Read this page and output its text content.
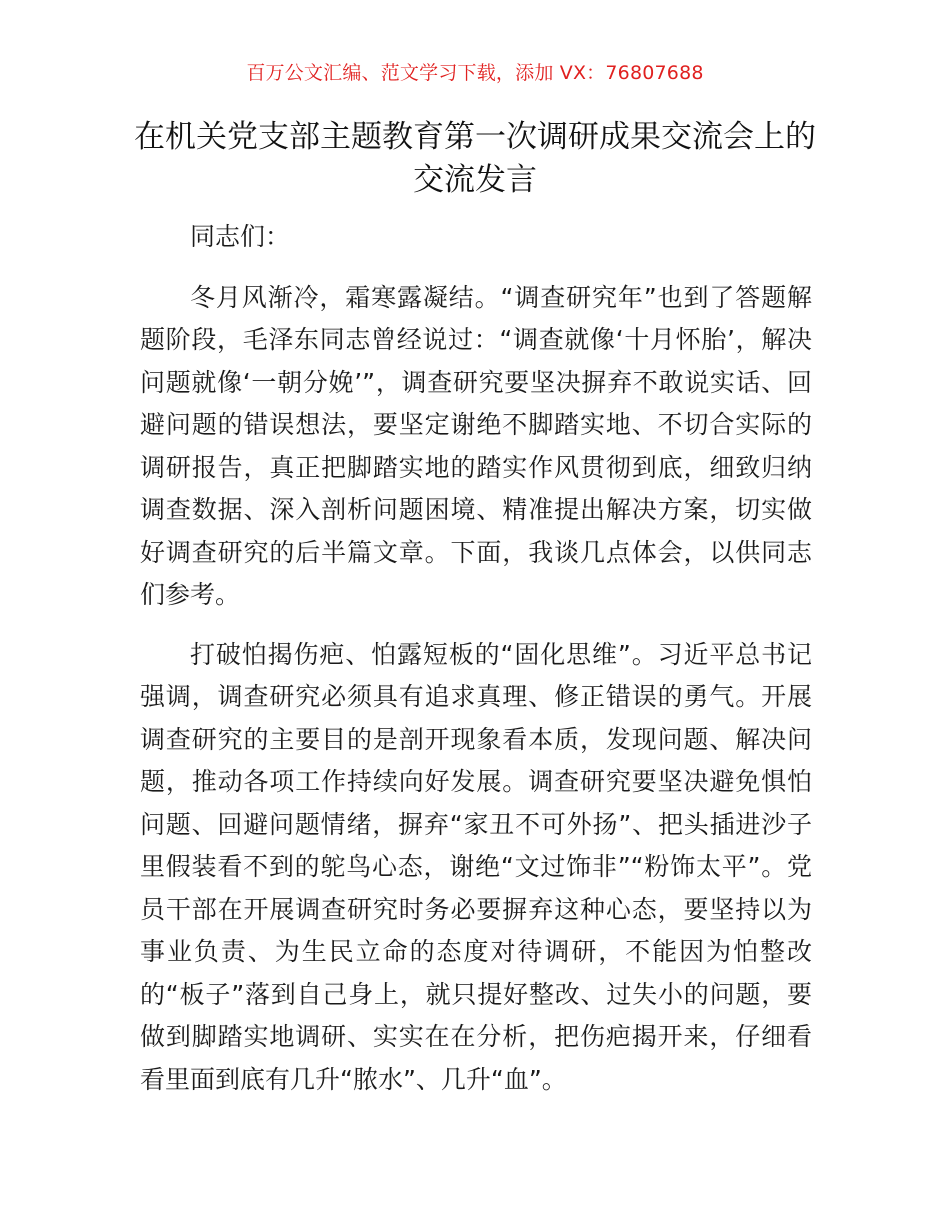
百万公文汇编、范文学习下载，添加 VX：76807688
在机关党支部主题教育第一次调研成果交流会上的交流发言

同志们：

冬月风渐冷，霜寒露凝结。“调查研究年”也到了答题解题阶段，毛泽东同志曾经说过：“调查就像‘十月怀胎’，解决问题就像‘一朝分娩’”，调查研究要坚决摒弃不敢说实话、回避问题的错误想法，要坚定谢绝不脚踏实地、不切合实际的调研报告，真正把脚踏实地的踏实作风贯彻到底，细致归纳调查数据、深入剖析问题困境、精准提出解决方案，切实做好调查研究的后半篇文章。下面，我谈几点体会，以供同志们参考。

打破怕揭伤疤、怕露短板的“固化思维”。习近平总书记强调，调查研究必须具有追求真理、修正错误的勇气。开展调查研究的主要目的是剖开现象看本质，发现问题、解决问题，推动各项工作持续向好发展。调查研究要坚决避免惧怕问题、回避问题情绪，摒弃“家丑不可外扬”、把头插进沙子里假装看不到的鸵鸟心态，谢绝“文过饰非”“粉饰太平”。党员干部在开展调查研究时务必要摒弃这种心态，要坚持以为事业负责、为生民立命的态度对待调研，不能因为怕整改的“板子”落到自己身上，就只提好整改、过失小的问题，要做到脚踏实地调研、实实在在分析，把伤疤揭开来，仔细看看里面到底有几升“脓水”、几升“血”。
